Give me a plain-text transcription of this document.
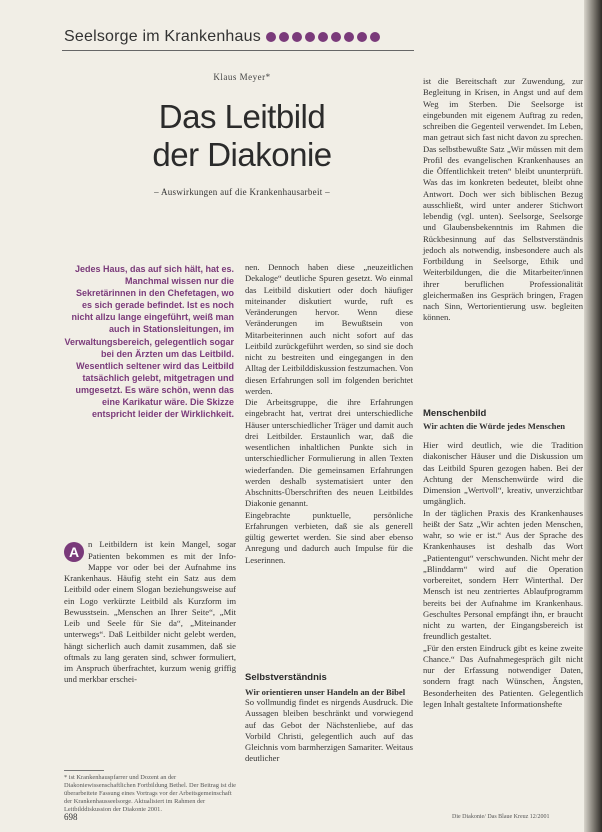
Seelsorge im Krankenhaus
Klaus Meyer*
Das Leitbild
der Diakonie
– Auswirkungen auf die Krankenhausarbeit –
Jedes Haus, das auf sich hält, hat es. Manchmal wissen nur die Sekretärinnen in den Chefetagen, wo es sich gerade befindet. Ist es noch nicht allzu lange eingeführt, weiß man auch in Stationsleitungen, im Verwaltungsbereich, gelegentlich sogar bei den Ärzten um das Leitbild. Wesentlich seltener wird das Leitbild tatsächlich gelebt, mitgetragen und umgesetzt. Es wäre schön, wenn das eine Karikatur wäre. Die Skizze entspricht leider der Wirklichkeit.

A	n Leitbildern ist kein Mangel, sogar Patienten bekommen es mit der Info-Mappe vor oder bei der Aufnahme ins Krankenhaus. Häufig steht ein Satz aus dem Leitbild oder einem Slogan beziehungsweise auf ein Logo verkürzte Leitbild als Kurzform im Bewusstsein. „Menschen an Ihrer Seite“, „Mit Leib und Seele für Sie da“, „Miteinander unterwegs“. Daß Leitbilder nicht gelebt werden, hängt sicherlich auch damit zusammen, daß sie oftmals zu lang geraten sind, schwer formuliert, im Anspruch überfrachtet, kurzum wenig griffig und merkbar erschei-

nen. Dennoch haben diese „neuzeitlichen Dekaloge“ deutliche Spuren gesetzt. Wo einmal das Leitbild diskutiert oder doch häufiger miteinander diskutiert wurde, ruft es Veränderungen hervor. Wenn diese Veränderungen im Bewußtsein von Mitarbeiterinnen auch nicht sofort auf das Leitbild zurückgeführt werden, so sind sie doch nicht zu bestreiten und eingegangen in den Alltag der Leitbilddiskussion festzumachen. Von diesen Erfahrungen soll im folgenden berichtet werden.
Die Arbeitsgruppe, die ihre Erfahrungen eingebracht hat, vertrat drei unterschiedliche Häuser unterschiedlicher Träger und damit auch drei Leitbilder. Erstaunlich war, daß die wesentlichen inhaltlichen Punkte sich in unterschiedlicher Formulierung in allen Texten wiederfanden. Die gemeinsamen Erfahrungen werden deshalb systematisiert unter den Abschnitts-Überschriften des neuen Leitbildes Diakonie genannt.
Eingebrachte punktuelle, persönliche Erfahrungen verbieten, daß sie als generell gültig gewertet werden. Sie sind aber ebenso Anregung und dadurch auch Impulse für die Leserinnen.
Selbstverständnis
Wir orientieren unser Handeln an der Bibel
So vollmundig findet es nirgends Ausdruck. Die Aussagen bleiben beschränkt und vorwiegend auf das Gebot der Nächstenliebe, auf das Vorbild Christi, gelegentlich auch auf das Gleichnis vom barmherzigen Samariter. Weitaus deutlicher
ist die Bereitschaft zur Zuwendung, zur Begleitung in Krisen, in Angst und auf dem Weg im Sterben. Die Seelsorge ist eingebunden mit eigenem Auftrag zu reden, schreiben die Gegenteil verwendet. Im Leben, man getraut sich fast nicht davon zu sprechen. Das selbstbewußte Satz „Wir müssen mit dem Profil des evangelischen Krankenhauses an die Öffentlichkeit treten“ bleibt ununterprüft. Was das im konkreten bedeutet, bleibt ohne Antwort. Doch wer sich biblischen Bezug ausschließt, wird unter anderer Stichwort lebendig (vgl. unten). Seelsorge, Seelsorge und Glaubensbekenntnis im Rahmen die Rückbesinnung auf das Selbstverständnis jedoch als notwendig, insbesondere auch als Fortbildung in Seelsorge, Ethik und Weiterbildungen, die die Mitarbeiter/innen ihrer beruflichen Professionalität gleichermaßen ins Gespräch bringen, Fragen nach Sinn, Wertorientierung usw. begleiten können.
Menschenbild
Wir achten die Würde jedes Menschen
Hier wird deutlich, wie die Tradition diakonischer Häuser und die Diskussion um das Leitbild Spuren gezogen haben. Bei der Achtung der Menschenwürde wird die Dimension „Wertvoll“, kreativ, unverzichtbar umgänglich.
In der täglichen Praxis des Krankenhauses heißt der Satz „Wir achten jeden Menschen, wahr, so wie er ist.“ Aus der Sprache des Krankenhauses ist deshalb das Wort „Patientengut“ verschwunden. Nicht mehr der „Blinddarm“ wird auf die Operation vorbereitet, sondern Herr Winterthal. Der Mensch ist neu zentriertes Ablaufprogramm bereits bei der Aufnahme im Krankenhaus. Geschultes Personal empfängt ihn, er braucht nicht zu warten, der Eingangsbereich ist freundlich gestaltet.
„Für den ersten Eindruck gibt es keine zweite Chance.“ Das Aufnahmegespräch gilt nicht nur der Erfassung notwendiger Daten, sondern fragt nach Wünschen, Ängsten, Besonderheiten des Patienten. Gelegentlich legen Inhalt gestaltete Informationshefte
* ist Krankenhauspfarrer und Dozent an der Diakoniewissenschaftlichen Fortbildung Bethel. Der Beitrag ist die überarbeitete Fassung eines Vortrags vor der Arbeitsgemeinschaft der Krankenhausseelsorge. Aktualisiert im Rahmen der Leitbilddiskussion der Diakonie 2001.
698	Die Diakonie/ Das Blaue Kreuz 12/2001
